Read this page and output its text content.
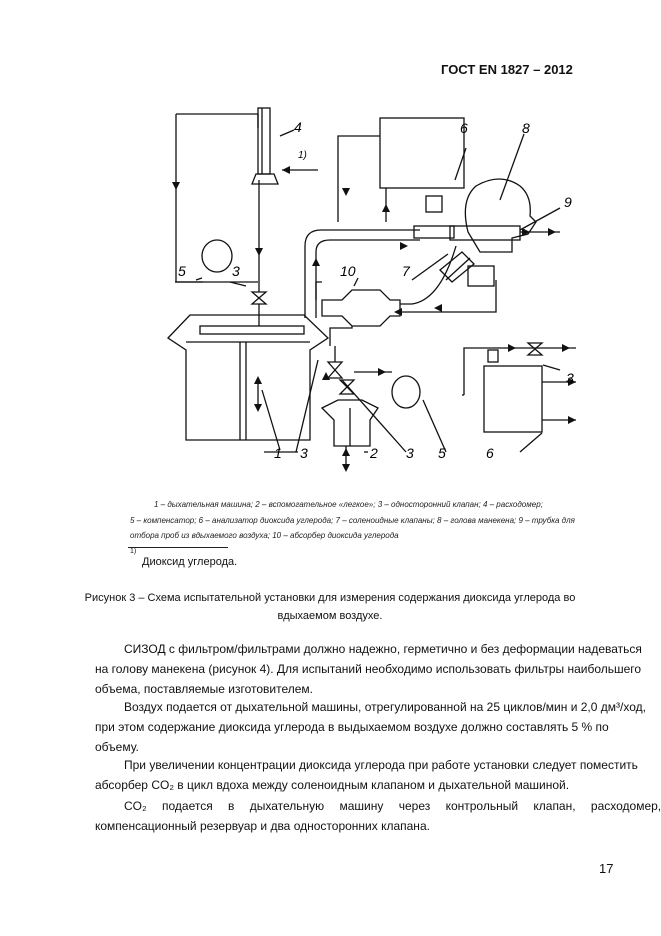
ГОСТ EN 1827 – 2012
4
1)
6	8
9
5	3	10	7
3
1 3	2 3 5	6
1 – дыхательная машина; 2 – вспомогательное «легкое»; 3 – односторонний клапан; 4 – расходомер;
5 – компенсатор; 6 – анализатор диоксида углерода; 7 – соленоидные клапаны; 8 – голова манекена; 9 – трубка для
отбора проб из вдыхаемого воздуха; 10 – абсорбер диоксида углерода
1)
Диоксид углерода.
Рисунок 3 – Схема испытательной установки для измерения содержания диоксида углерода во
вдыхаемом воздухе.
СИЗОД с фильтром/фильтрами должно надежно, герметично и без деформации надеваться
на голову манекена (рисунок 4). Для испытаний необходимо использовать фильтры наибольшего
объема, поставляемые изготовителем.
Воздух подается от дыхательной машины, отрегулированной на 25 циклов/мин и 2,0 дм³/ход,
при этом содержание диоксида углерода в выдыхаемом воздухе должно составлять 5 % по
объему.
При увеличении концентрации диоксида углерода при работе установки следует поместить
абсорбер CO₂ в цикл вдоха между соленоидным клапаном и дыхательной машиной.
CO₂ подается в дыхательную машину через контрольный клапан, расходомер,
компенсационный резервуар и два односторонних клапана.
17
